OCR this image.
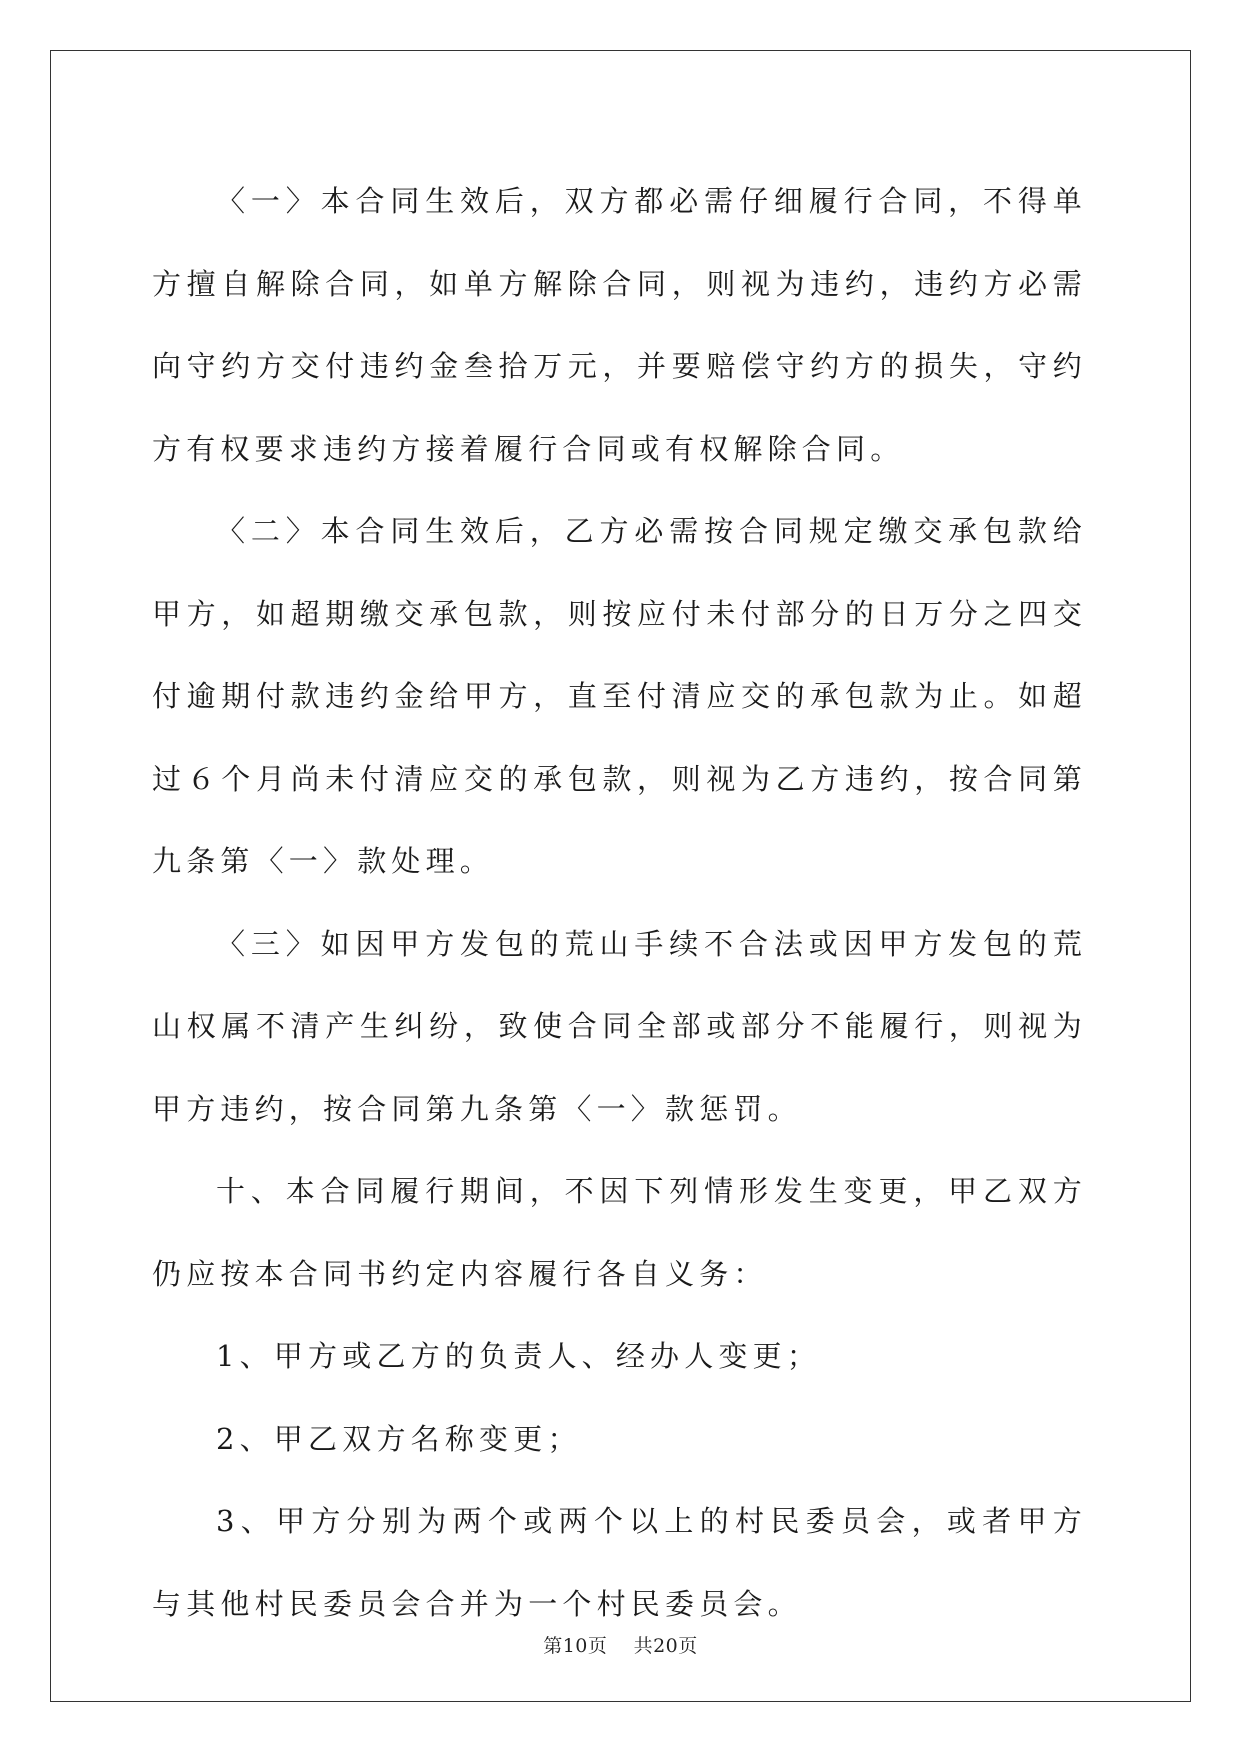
〈一〉本合同生效后，双方都必需仔细履行合同，不得单方擅自解除合同，如单方解除合同，则视为违约，违约方必需向守约方交付违约金叁拾万元，并要赔偿守约方的损失，守约方有权要求违约方接着履行合同或有权解除合同。

〈二〉本合同生效后，乙方必需按合同规定缴交承包款给甲方，如超期缴交承包款，则按应付未付部分的日万分之四交付逾期付款违约金给甲方，直至付清应交的承包款为止。如超过６个月尚未付清应交的承包款，则视为乙方违约，按合同第九条第〈一〉款处理。

〈三〉如因甲方发包的荒山手续不合法或因甲方发包的荒山权属不清产生纠纷，致使合同全部或部分不能履行，则视为甲方违约，按合同第九条第〈一〉款惩罚。

十、本合同履行期间，不因下列情形发生变更，甲乙双方仍应按本合同书约定内容履行各自义务：

1、甲方或乙方的负责人、经办人变更；

2、甲乙双方名称变更；

3、甲方分别为两个或两个以上的村民委员会，或者甲方与其他村民委员会合并为一个村民委员会。

第10页 共20页
